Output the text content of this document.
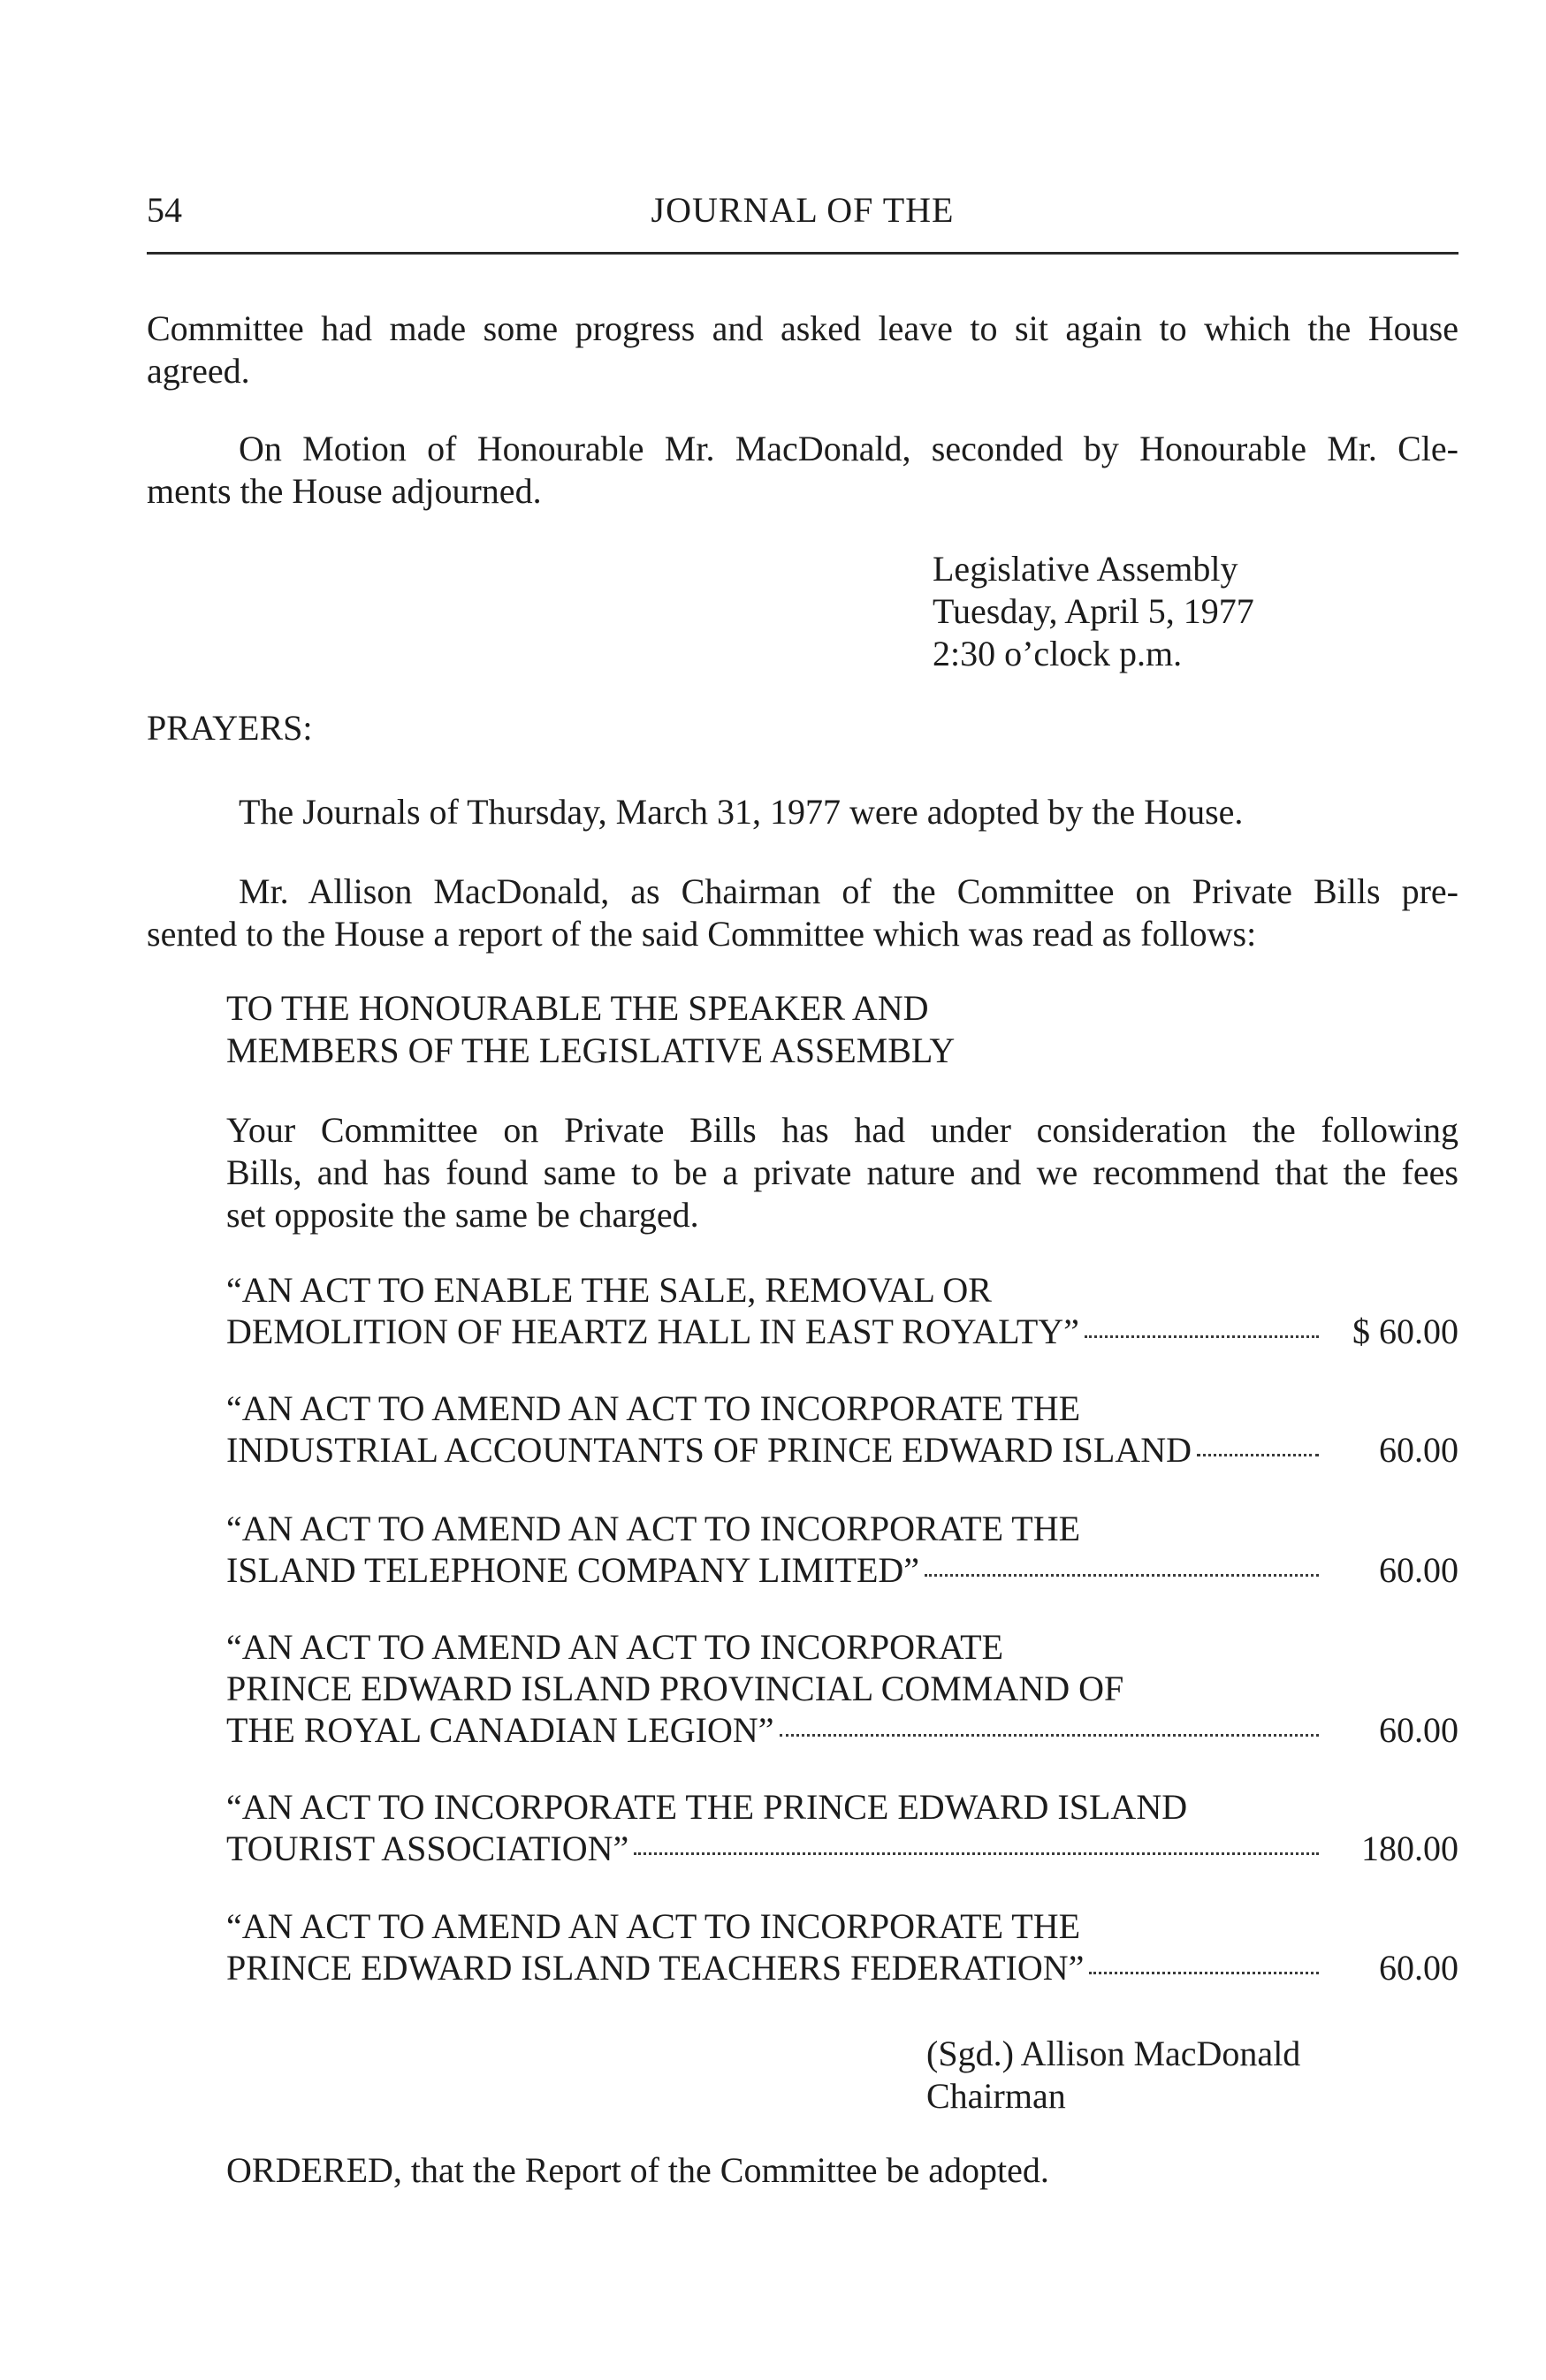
54	JOURNAL OF THE
Committee had made some progress and asked leave to sit again to which the House
agreed.
On Motion of Honourable Mr. MacDonald, seconded by Honourable Mr. Cle-
ments the House adjourned.
Legislative Assembly
Tuesday, April 5, 1977
2:30 o’clock p.m.
PRAYERS:
The Journals of Thursday, March 31, 1977 were adopted by the House.
Mr. Allison MacDonald, as Chairman of the Committee on Private Bills pre-
sented to the House a report of the said Committee which was read as follows:
TO THE HONOURABLE THE SPEAKER AND
MEMBERS OF THE LEGISLATIVE ASSEMBLY
Your Committee on Private Bills has had under consideration the following
Bills, and has found same to be a private nature and we recommend that the fees
set opposite the same be charged.
“AN ACT TO ENABLE THE SALE, REMOVAL OR
DEMOLITION OF HEARTZ HALL IN EAST ROYALTY”	$ 60.00
“AN ACT TO AMEND AN ACT TO INCORPORATE THE
INDUSTRIAL ACCOUNTANTS OF PRINCE EDWARD ISLAND	60.00
“AN ACT TO AMEND AN ACT TO INCORPORATE THE
ISLAND TELEPHONE COMPANY LIMITED”	60.00
“AN ACT TO AMEND AN ACT TO INCORPORATE
PRINCE EDWARD ISLAND PROVINCIAL COMMAND OF
THE ROYAL CANADIAN LEGION”	60.00
“AN ACT TO INCORPORATE THE PRINCE EDWARD ISLAND
TOURIST ASSOCIATION”	180.00
“AN ACT TO AMEND AN ACT TO INCORPORATE THE
PRINCE EDWARD ISLAND TEACHERS FEDERATION”	60.00
(Sgd.) Allison MacDonald
Chairman
ORDERED, that the Report of the Committee be adopted.
